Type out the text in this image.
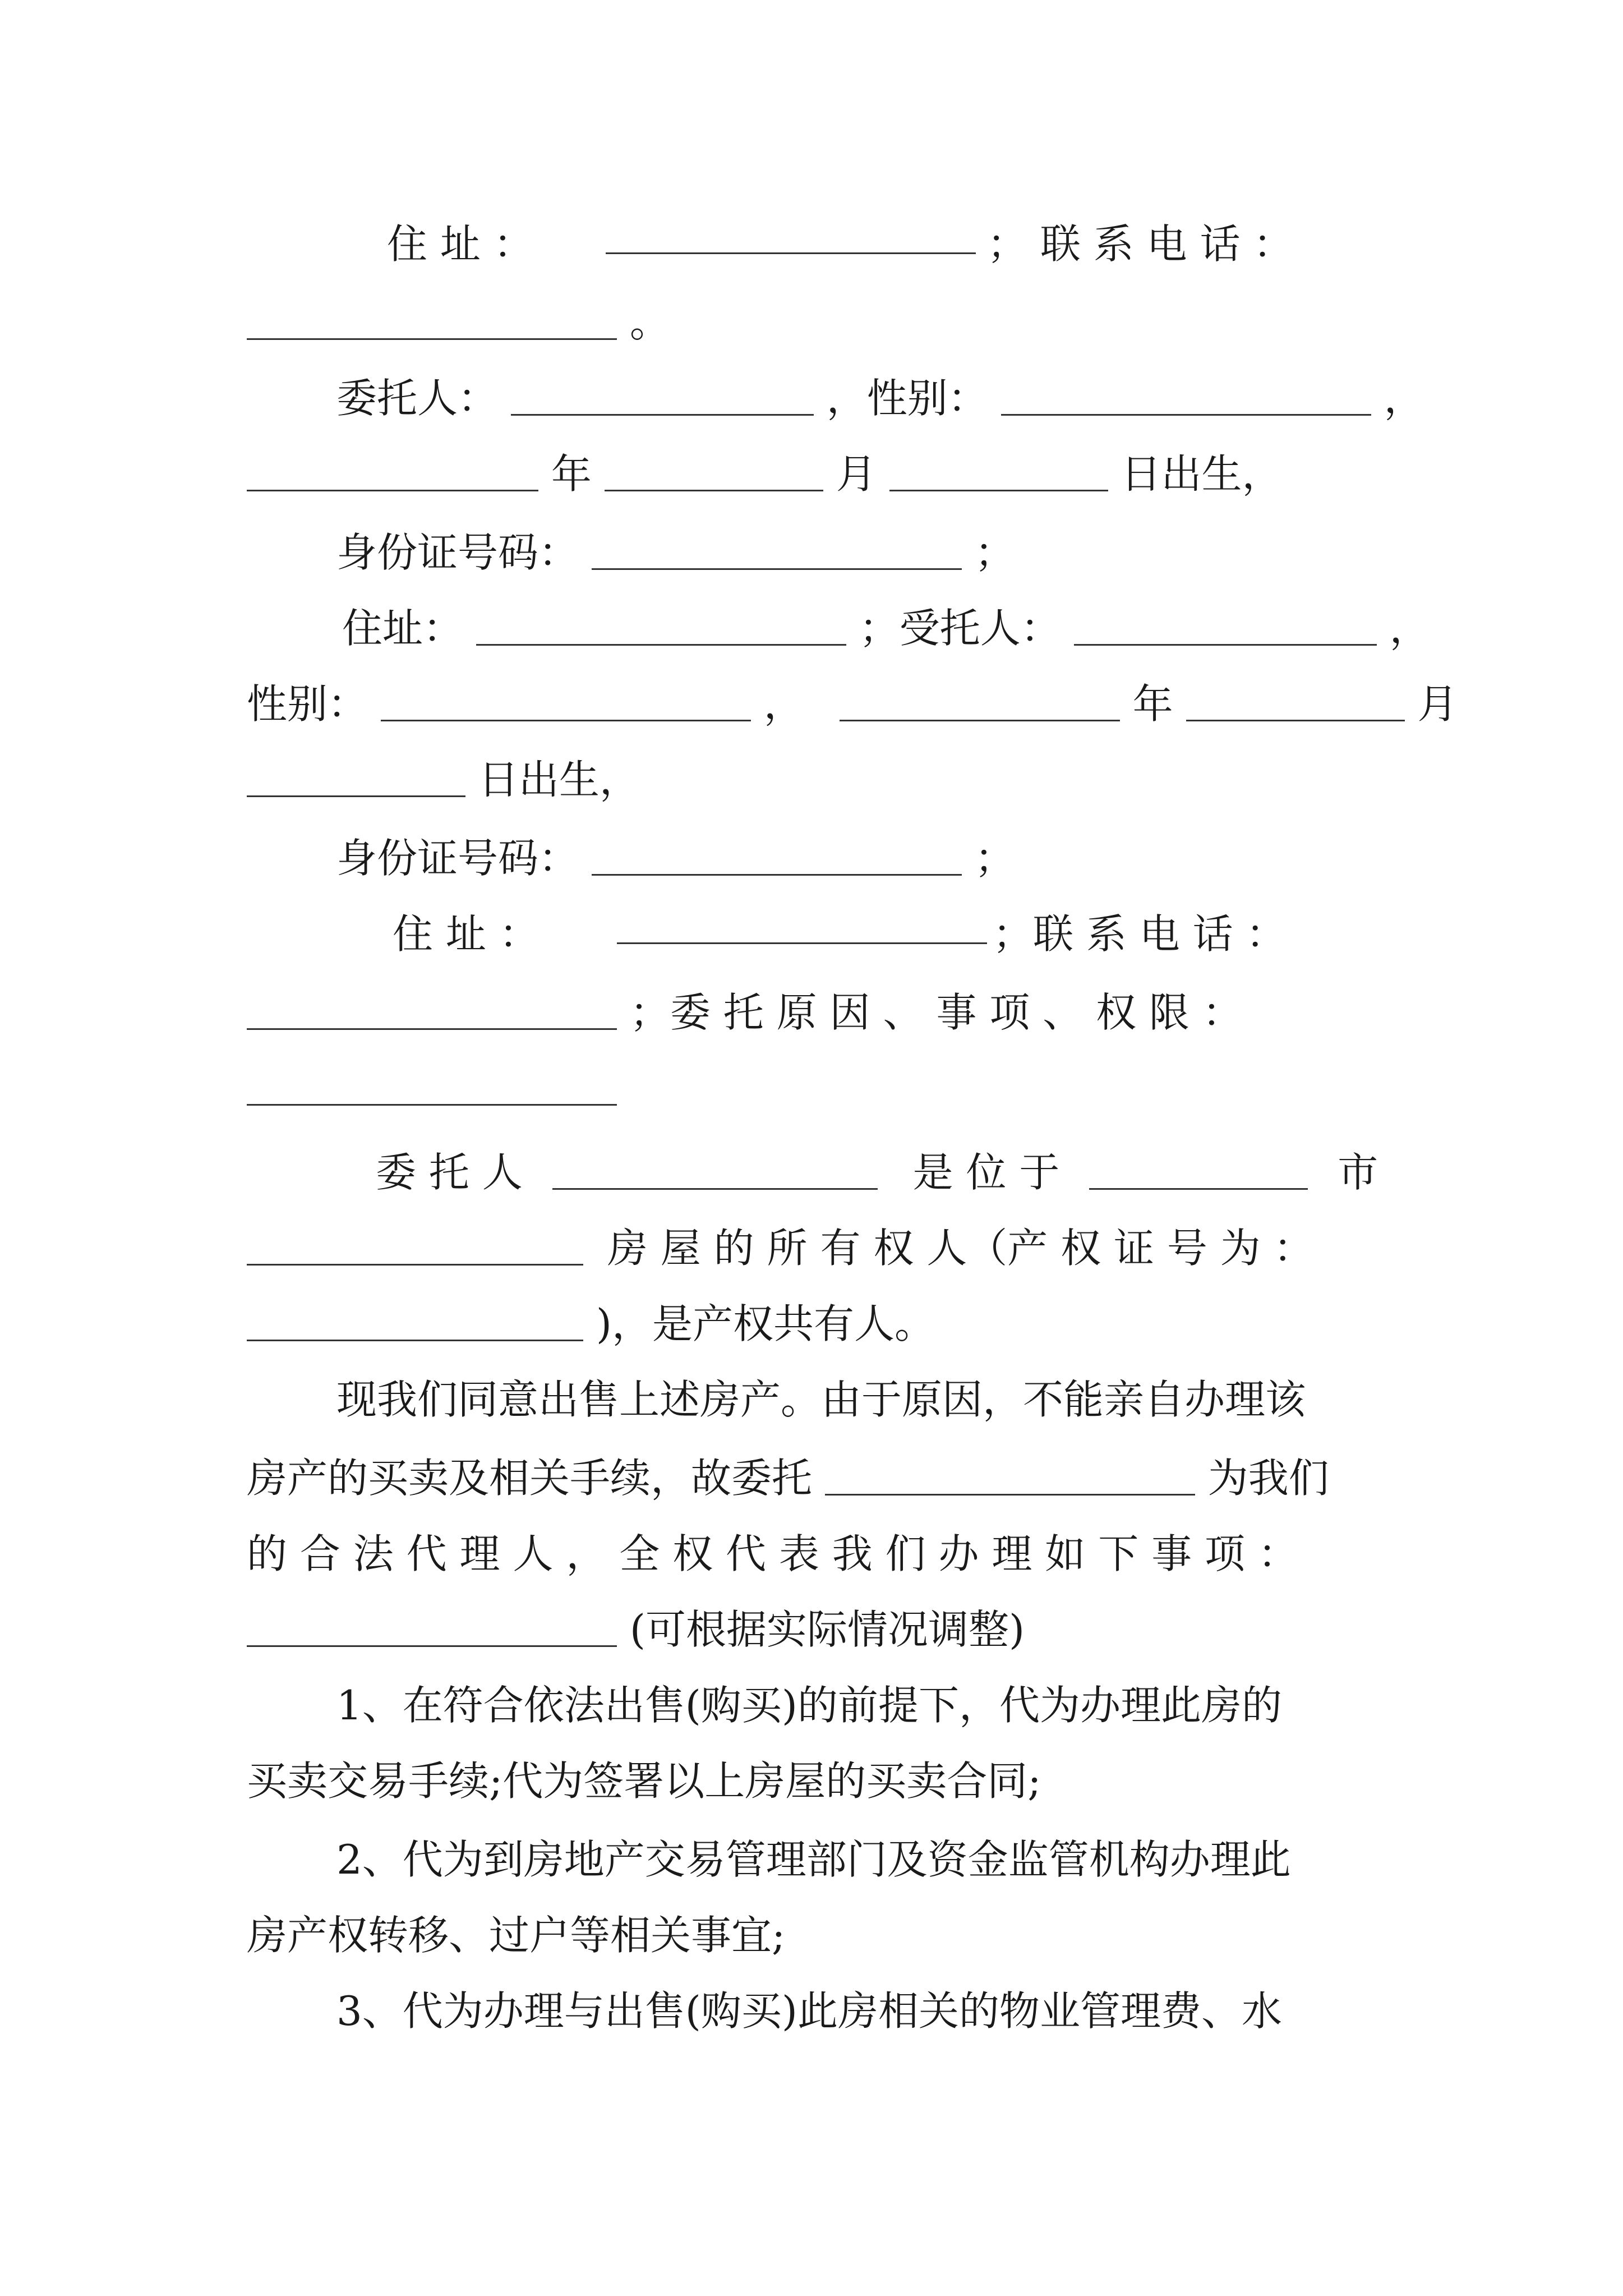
住 址 ：	； 联 系 电 话 ：
。
委托人：	，性别：	，
年	月	日出生，
身份证号码：	；
住址：	；受托人：	，
性别：	，	年	月
日出生，
身份证号码：	；
住 址 ：	；联 系 电 话 ：
；委 托 原 因 、 事 项 、 权 限 ：
委 托 人	是 位 于	市
房 屋 的 所 有 权 人（产 权 证 号 为 ：
)，是产权共有人。
现我们同意出售上述房产。由于原因，不能亲自办理该
房产的买卖及相关手续，故委托	为我们
的 合 法 代 理 人 ， 全 权 代 表 我 们 办 理 如 下 事 项 ：
(可根据实际情况调整)
1、在符合依法出售(购买)的前提下，代为办理此房的
买卖交易手续;代为签署以上房屋的买卖合同;
2、代为到房地产交易管理部门及资金监管机构办理此
房产权转移、过户等相关事宜;
3、代为办理与出售(购买)此房相关的物业管理费、水
